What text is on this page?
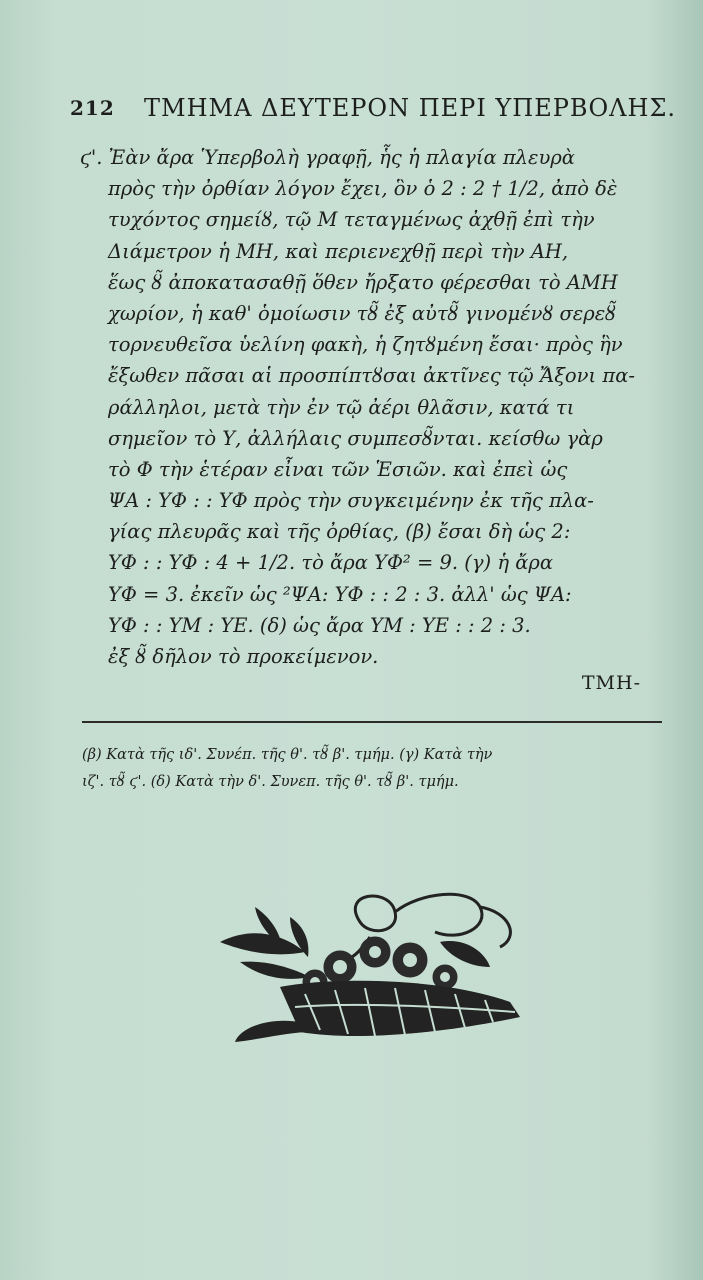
212 ΤΜΗΜΑ ΔΕΥΤΕΡΟΝ ΠΕΡΙ ΥΠΕΡΒΟΛΗΣ.
ϛ'. Ἐὰν ἄρα Ὑπερβολὴ γραφῇ, ἧς ἡ πλαγία πλευρὰ
πρὸς τὴν ὀρθίαν λόγον ἔχει, ὃν ὁ 2 : 2 † 1/2, ἀπὸ δὲ
τυχόντος σημείȣ, τῷ Μ τεταγμένως ἀχθῇ ἐπὶ τὴν
Διάμετρον ἡ ΜΗ, καὶ περιενεχθῇ περὶ τὴν ΑΗ,
ἕως ȣ̃ ἀποκατασαθῇ ὅθεν ἤρξατο φέρεσθαι τὸ ΑΜΗ
χωρίον, ἡ καθ' ὁμοίωσιν τȣ̃ ἐξ αὐτȣ̃ γινομένȣ σερεȣ̃
τορνευθεῖσα ὑελίνη φακὴ, ἡ ζητȣμένη ἔσαι· πρὸς ἣν
ἔξωθεν πᾶσαι αἱ προσπίπτȣσαι ἀκτῖνες τῷ Ἄξονι πα-
ράλληλοι, μετὰ τὴν ἐν τῷ ἀέρι θλᾶσιν, κατά τι
σημεῖον τὸ Υ, ἀλλήλαις συμπεσȣ̃νται. κείσθω γὰρ
τὸ Φ τὴν ἑτέραν εἶναι τῶν Ἑσιῶν. καὶ ἐπεὶ ὡς
ΨΑ : ΥΦ : : ΥΦ πρὸς τὴν συγκειμένην ἐκ τῆς πλα-
γίας πλευρᾶς καὶ τῆς ὀρθίας, (β) ἔσαι δὴ ὡς 2:
ΥΦ : : ΥΦ : 4 + 1/2. τὸ ἄρα ΥΦ² = 9. (γ) ἡ ἄρα
ΥΦ = 3. ἐκεῖν ὡς ²ΨΑ: ΥΦ : : 2 : 3. ἀλλ' ὡς ΨΑ:
ΥΦ : : ΥΜ : ΥΕ. (δ) ὡς ἄρα ΥΜ : ΥΕ : : 2 : 3.
ἐξ ȣ̃ δῆλον τὸ προκείμενον.
ΤΜΗ-
(β) Κατὰ τῆς ιδ'. Συνέπ. τῆς θ'. τȣ̃ β'. τμήμ. (γ) Κατὰ τὴν
ιζ'. τȣ̃ ϛ'. (δ) Κατὰ τὴν δ'. Συνεπ. τῆς θ'. τȣ̃ β'. τμήμ.
